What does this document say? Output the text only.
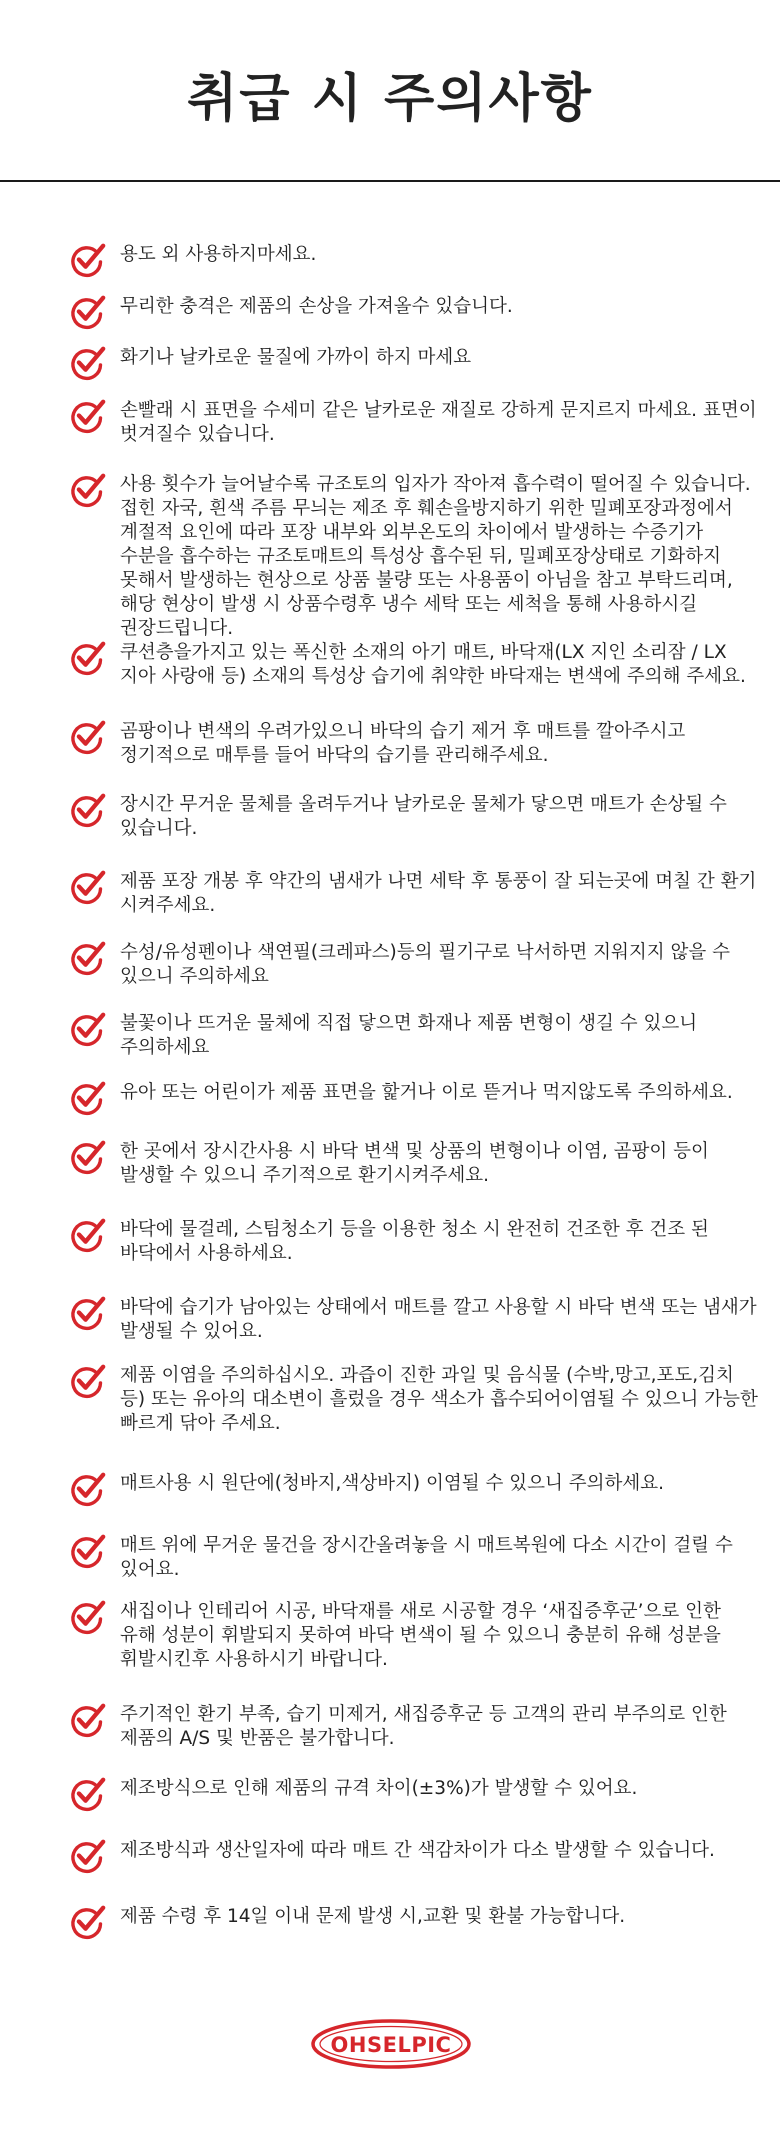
취급 시 주의사항
용도 외 사용하지마세요.
무리한 충격은 제품의 손상을 가져올수 있습니다.
화기나 날카로운 물질에 가까이 하지 마세요
손빨래 시 표면을 수세미 같은 날카로운 재질로 강하게 문지르지 마세요. 표면이 벗겨질수 있습니다.
사용 횟수가 늘어날수록 규조토의 입자가 작아져 흡수력이 떨어질 수 있습니다. 접힌 자국, 흰색 주름 무늬는 제조 후 훼손을방지하기 위한 밀폐포장과정에서 계절적 요인에 따라 포장 내부와 외부온도의 차이에서 발생하는 수증기가 수분을 흡수하는 규조토매트의 특성상 흡수된 뒤, 밀폐포장상태로 기화하지 못해서 발생하는 현상으로 상품 불량 또는 사용품이 아님을 참고 부탁드리며,해당 현상이 발생 시 상품수령후 냉수 세탁 또는 세척을 통해 사용하시길 권장드립니다.
쿠션층을가지고 있는 폭신한 소재의 아기 매트, 바닥재(LX 지인 소리잠 / LX 지아 사랑애 등) 소재의 특성상 습기에 취약한 바닥재는 변색에 주의해 주세요.
곰팡이나 변색의 우려가있으니 바닥의 습기 제거 후 매트를 깔아주시고 정기적으로 매투를 들어 바닥의 습기를 관리해주세요.
장시간 무거운 물체를 올려두거나 날카로운 물체가 닿으면 매트가 손상될 수 있습니다.
제품 포장 개봉 후 약간의 냄새가 나면 세탁 후 통풍이 잘 되는곳에 며칠 간 환기 시켜주세요.
수성/유성펜이나 색연필(크레파스)등의 필기구로 낙서하면 지워지지 않을 수 있으니 주의하세요
불꽃이나 뜨거운 물체에 직접 닿으면 화재나 제품 변형이 생길 수 있으니 주의하세요
유아 또는 어린이가 제품 표면을 핥거나 이로 뜯거나 먹지않도록 주의하세요.
한 곳에서 장시간사용 시 바닥 변색 및 상품의 변형이나 이염, 곰팡이 등이 발생할 수 있으니 주기적으로 환기시켜주세요.
바닥에 물걸레, 스팀청소기 등을 이용한 청소 시 완전히 건조한 후 건조 된 바닥에서 사용하세요.
바닥에 습기가 남아있는 상태에서 매트를 깔고 사용할 시 바닥 변색 또는 냄새가 발생될 수 있어요.
제품 이염을 주의하십시오. 과즙이 진한 과일 및 음식물 (수박,망고,포도,김치 등) 또는 유아의 대소변이 흘렀을 경우 색소가 흡수되어이염될 수 있으니 가능한 빠르게 닦아 주세요.
매트사용 시 원단에(청바지,색상바지) 이염될 수 있으니 주의하세요.
매트 위에 무거운 물건을 장시간올려놓을 시 매트복원에 다소 시간이 걸릴 수 있어요.
새집이나 인테리어 시공, 바닥재를 새로 시공할 경우 ‘새집증후군’으로 인한 유해 성분이 휘발되지 못하여 바닥 변색이 될 수 있으니 충분히 유해 성분을 휘발시킨후 사용하시기 바랍니다.
주기적인 환기 부족, 습기 미제거, 새집증후군 등 고객의 관리 부주의로 인한 제품의 A/S 및 반품은 불가합니다.
제조방식으로 인해 제품의 규격 차이(±3%)가 발생할 수 있어요.
제조방식과 생산일자에 따라 매트 간 색감차이가 다소 발생할 수 있습니다.
제품 수령 후 14일 이내 문제 발생 시,교환 및 환불 가능합니다.
OHSELPIC
